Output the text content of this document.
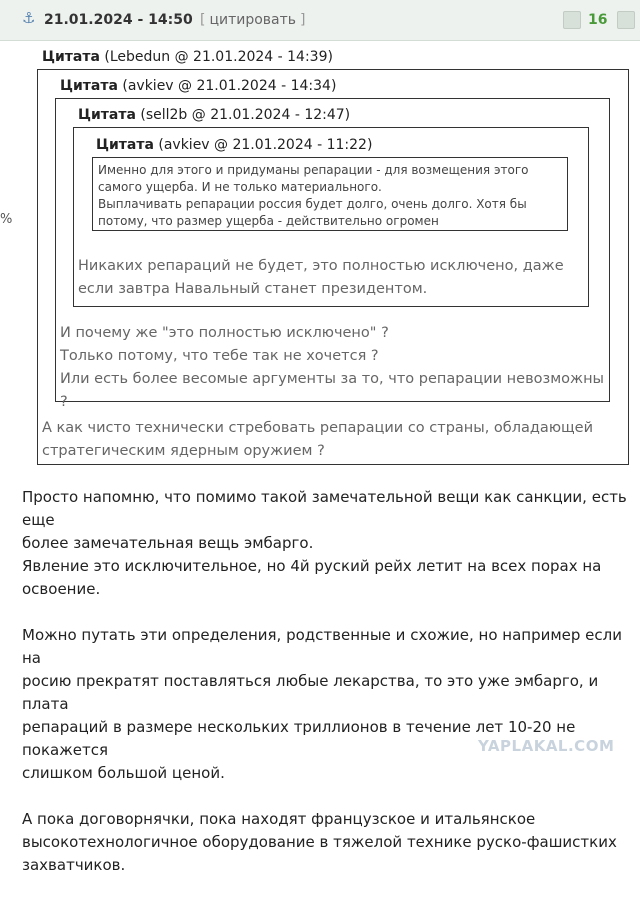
⚓ 21.01.2024 - 14:50 [ цитировать ]	16
%
Цитата (Lebedun @ 21.01.2024 - 14:39)
Цитата (avkiev @ 21.01.2024 - 14:34)
Цитата (sell2b @ 21.01.2024 - 12:47)
Цитата (avkiev @ 21.01.2024 - 11:22)
Именно для этого и придуманы репарации - для возмещения этого
самого ущерба. И не только материального.
Выплачивать репарации россия будет долго, очень долго. Хотя бы
потому, что размер ущерба - действительно огромен
Никаких репараций не будет, это полностью исключено, даже
если завтра Навальный станет президентом.
И почему же "это полностью исключено" ?
Только потому, что тебе так не хочется ?
Или есть более весомые аргументы за то, что репарации невозможны ?
А как чисто технически стребовать репарации со страны, обладающей
стратегическим ядерным оружием ?

Просто напомню, что помимо такой замечательной вещи как санкции, есть еще
более замечательная вещь эмбарго.
Явление это исключительное, но 4й руский рейх летит на всех порах на
освоение.

Можно путать эти определения, родственные и схожие, но например если на
росию прекратят поставляться любые лекарства, то это уже эмбарго, и плата
репараций в размере нескольких триллионов в течение лет 10-20 не покажется
слишком большой ценой.

А пока договорнячки, пока находят французское и итальянское
высокотехнологичное оборудование в тяжелой технике руско-фашистких
захватчиков.

YAPLAKAL.COM
